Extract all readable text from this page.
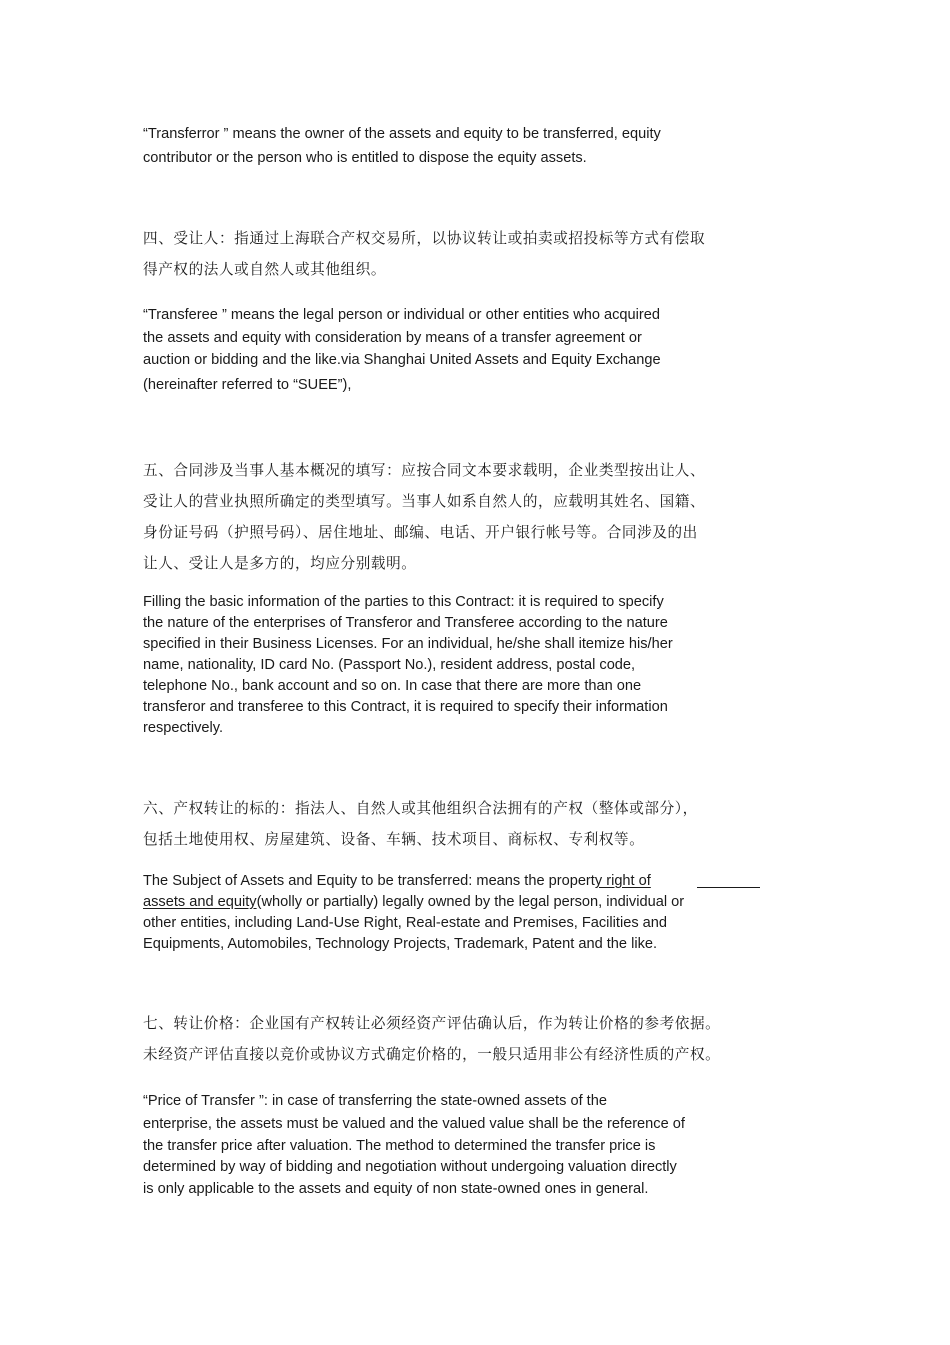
“Transferror ” means the owner of the assets and equity to be transferred, equity
contributor or the person who is entitled to dispose the equity assets.
四、受让人：指通过上海联合产权交易所，以协议转让或拍卖或招投标等方式有偿取
得产权的法人或自然人或其他组织。
“Transferee ” means the legal person or individual or other entities who acquired
the assets and equity with consideration by means of a transfer agreement or
auction or bidding and the like.via Shanghai United Assets and Equity Exchange
(hereinafter referred to “SUEE”),
五、合同涉及当事人基本概况的填写：应按合同文本要求载明，企业类型按出让人、
受让人的营业执照所确定的类型填写。当事人如系自然人的，应载明其姓名、国籍、
身份证号码（护照号码）、居住地址、邮编、电话、开户银行帐号等。合同涉及的出
让人、受让人是多方的，均应分别载明。
Filling the basic information of the parties to this Contract: it is required to specify
the nature of the enterprises of Transferor and Transferee according to the nature
specified in their Business Licenses. For an individual, he/she shall itemize his/her
name, nationality, ID card No. (Passport No.), resident address, postal code,
telephone No., bank account and so on. In case that there are more than one
transferor and transferee to this Contract, it is required to specify their information
respectively.
六、产权转让的标的：指法人、自然人或其他组织合法拥有的产权（整体或部分），
包括土地使用权、房屋建筑、设备、车辆、技术项目、商标权、专利权等。
The Subject of Assets and Equity to be transferred: means the property right of
assets and equity(wholly or partially) legally owned by the legal person, individual or
other entities, including Land-Use Right, Real-estate and Premises, Facilities and
Equipments, Automobiles, Technology Projects, Trademark, Patent and the like.
七、转让价格：企业国有产权转让必须经资产评估确认后，作为转让价格的参考依据。
未经资产评估直接以竞价或协议方式确定价格的，一般只适用非公有经济性质的产权。
“Price of Transfer ”: in case of transferring the state-owned assets of the
enterprise, the assets must be valued and the valued value shall be the reference of
the transfer price after valuation. The method to determined the transfer price is
determined by way of bidding and negotiation without undergoing valuation directly
is only applicable to the assets and equity of non state-owned ones in general.
